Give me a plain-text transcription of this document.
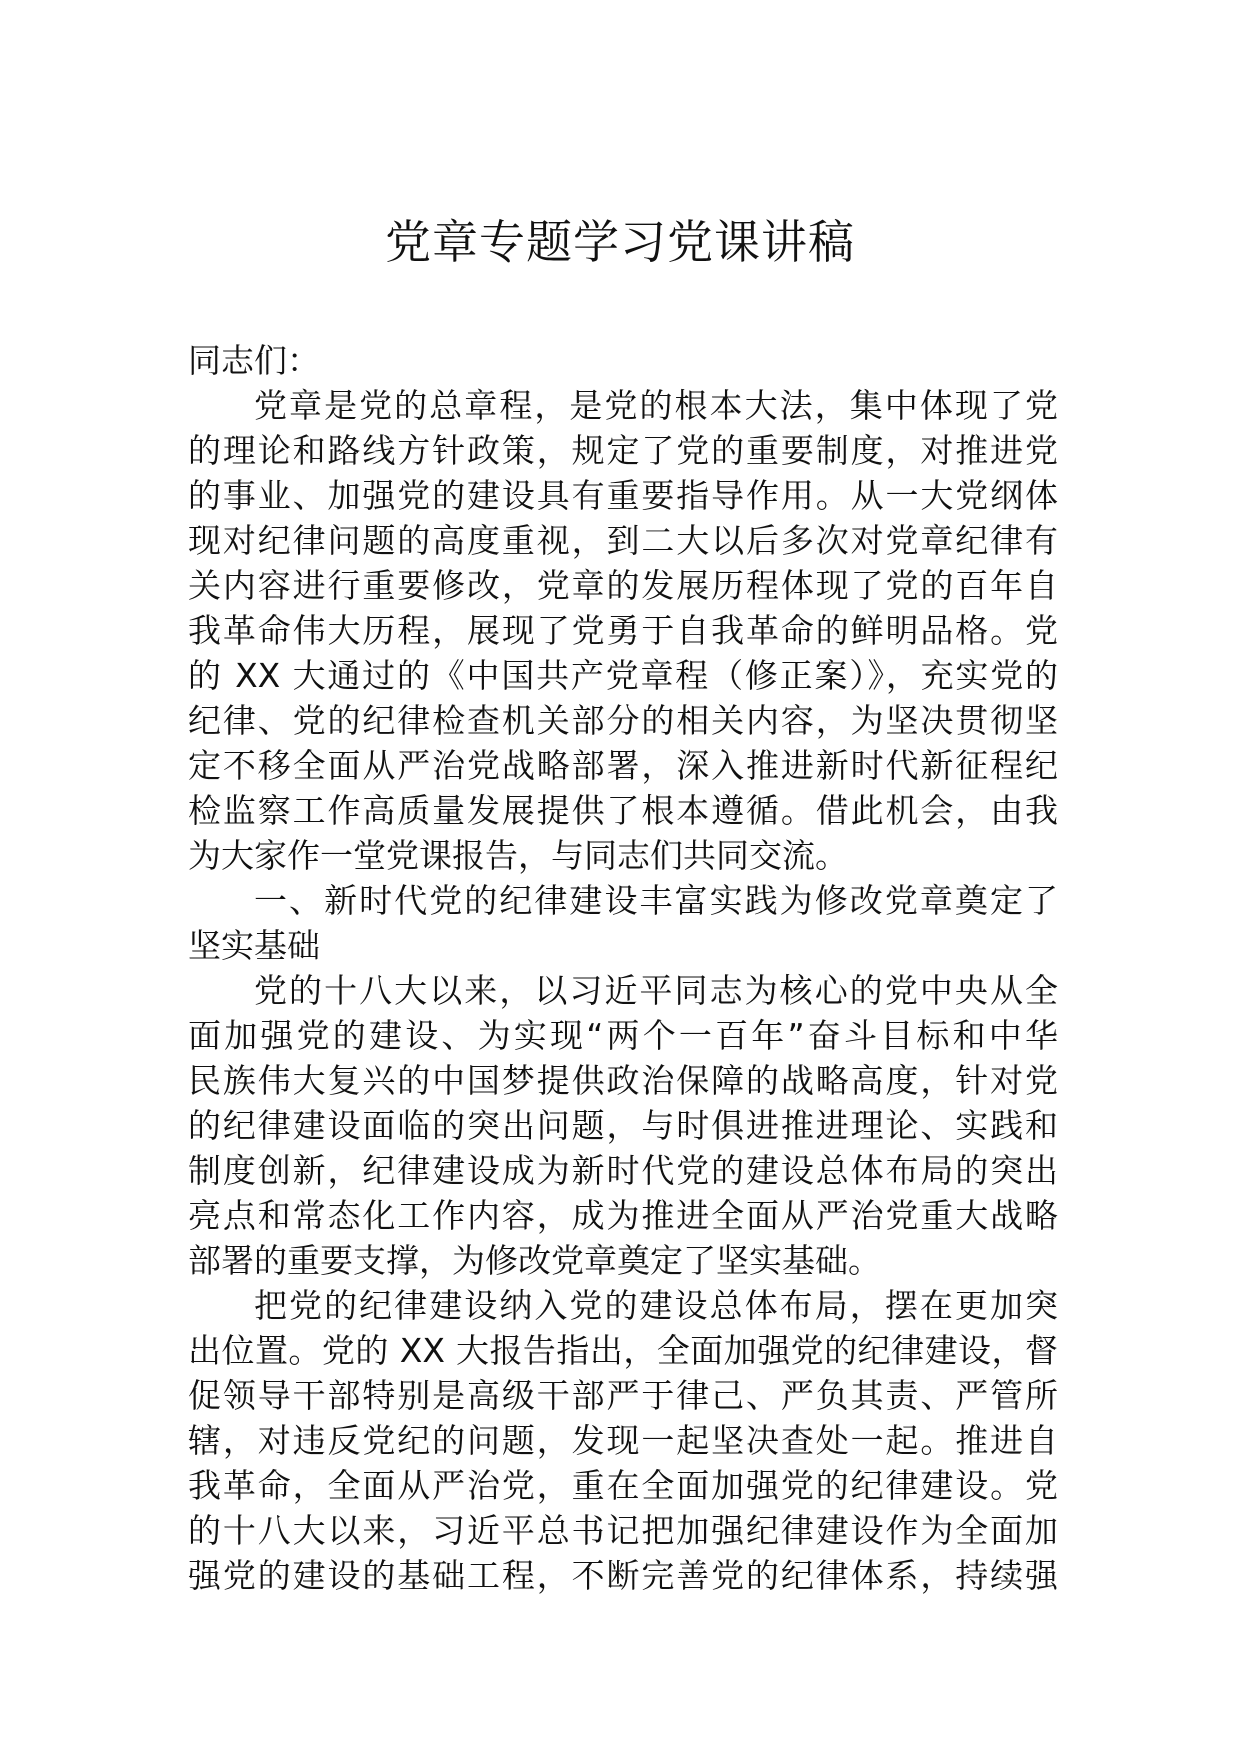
党章专题学习党课讲稿
同志们：
党章是党的总章程，是党的根本大法，集中体现了党
的理论和路线方针政策，规定了党的重要制度，对推进党
的事业、加强党的建设具有重要指导作用。从一大党纲体
现对纪律问题的高度重视，到二大以后多次对党章纪律有
关内容进行重要修改，党章的发展历程体现了党的百年自
我革命伟大历程，展现了党勇于自我革命的鲜明品格。党
的 XX 大通过的《中国共产党章程（修正案）》，充实党的
纪律、党的纪律检查机关部分的相关内容，为坚决贯彻坚
定不移全面从严治党战略部署，深入推进新时代新征程纪
检监察工作高质量发展提供了根本遵循。借此机会，由我
为大家作一堂党课报告，与同志们共同交流。
一、新时代党的纪律建设丰富实践为修改党章奠定了
坚实基础
党的十八大以来，以习近平同志为核心的党中央从全
面加强党的建设、为实现“两个一百年”奋斗目标和中华
民族伟大复兴的中国梦提供政治保障的战略高度，针对党
的纪律建设面临的突出问题，与时俱进推进理论、实践和
制度创新，纪律建设成为新时代党的建设总体布局的突出
亮点和常态化工作内容，成为推进全面从严治党重大战略
部署的重要支撑，为修改党章奠定了坚实基础。
把党的纪律建设纳入党的建设总体布局，摆在更加突
出位置。党的 XX 大报告指出，全面加强党的纪律建设，督
促领导干部特别是高级干部严于律己、严负其责、严管所
辖，对违反党纪的问题，发现一起坚决查处一起。推进自
我革命，全面从严治党，重在全面加强党的纪律建设。党
的十八大以来，习近平总书记把加强纪律建设作为全面加
强党的建设的基础工程，不断完善党的纪律体系，持续强
